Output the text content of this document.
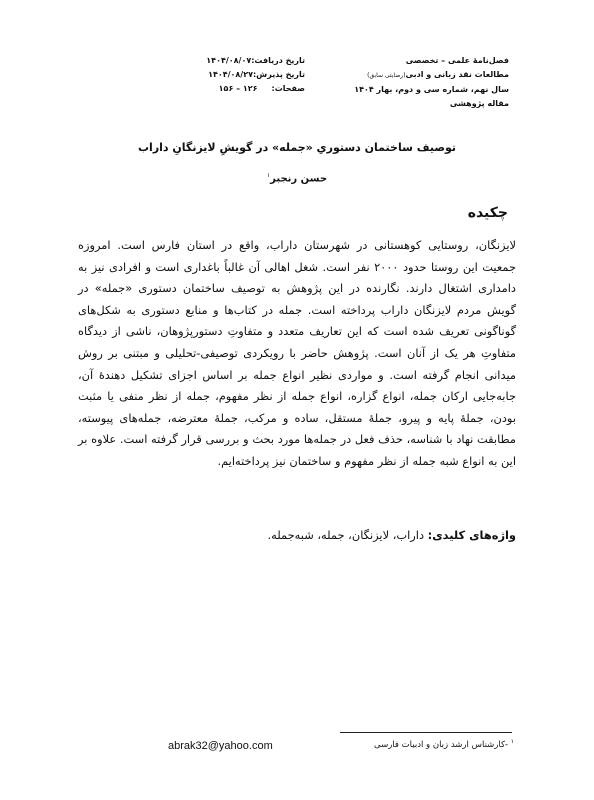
فصل‌نامهٔ علمی – تخصصی
مطالعات نقد زبانی و ادبی(رضایتی سابق)
سال نهم، شماره سی و دوم، بهار ۱۴۰۴
مقاله پژوهشی
تاریخ دریافت:۱۴۰۴/۰۸/۰۷
تاریخ پذیرش:۱۴۰۴/۰۸/۲۷
صفحات:     ۱۲۶ – ۱۵۶
توصیف ساختمان دستوریِ «جمله» در گویشِ لایزنگانِ داراب
حسن رنجبر$^۱$
چکیده
لایزنگان، روستایی کوهستانی در شهرستان داراب، واقع در استان فارس است. امروزه جمعیت این روستا حدود ۲۰۰۰ نفر است. شغل اهالی آن غالباً باغداری است و افرادی نیز به دامداری اشتغال دارند. نگارنده در این پژوهش به توصیف ساختمان دستوری «جمله» در گویش مردم لایزنگان داراب پرداخته است. جمله در کتاب‌ها و منابع دستوری به شکل‌های گوناگونی تعریف شده است که این تعاریف متعدد و متفاوتِ دستورپژوهان، ناشی از دیدگاه متفاوتِ هر یک از آنان است. پژوهش حاضر با رویکردی توصیفی-تحلیلی و مبتنی بر روش میدانی انجام گرفته است. و مواردی نظیر انواع جمله بر اساس اجزای تشکیل دهندهٔ آن، جابه‌جایی ارکان جمله، انواع گزاره، انواع جمله از نظر مفهوم، جمله از نظر منفی یا مثبت بودن، جملهٔ پایه و پیرو، جملهٔ مستقل، ساده و مرکب، جملهٔ معترضه، جمله‌های پیوسته، مطابقت نهاد با شناسه، حذف فعل در جمله‌ها مورد بحث و بررسی قرار گرفته است. علاوه بر این به انواع شبه جمله از نظر مفهوم و ساختمان نیز پرداخته‌ایم.
واژه‌های کلیدی: داراب، لایزنگان، جمله، شبه‌جمله.
$^۱$ -کارشناس ارشد زبان و ادبیات فارسی
abrak32@yahoo.com
